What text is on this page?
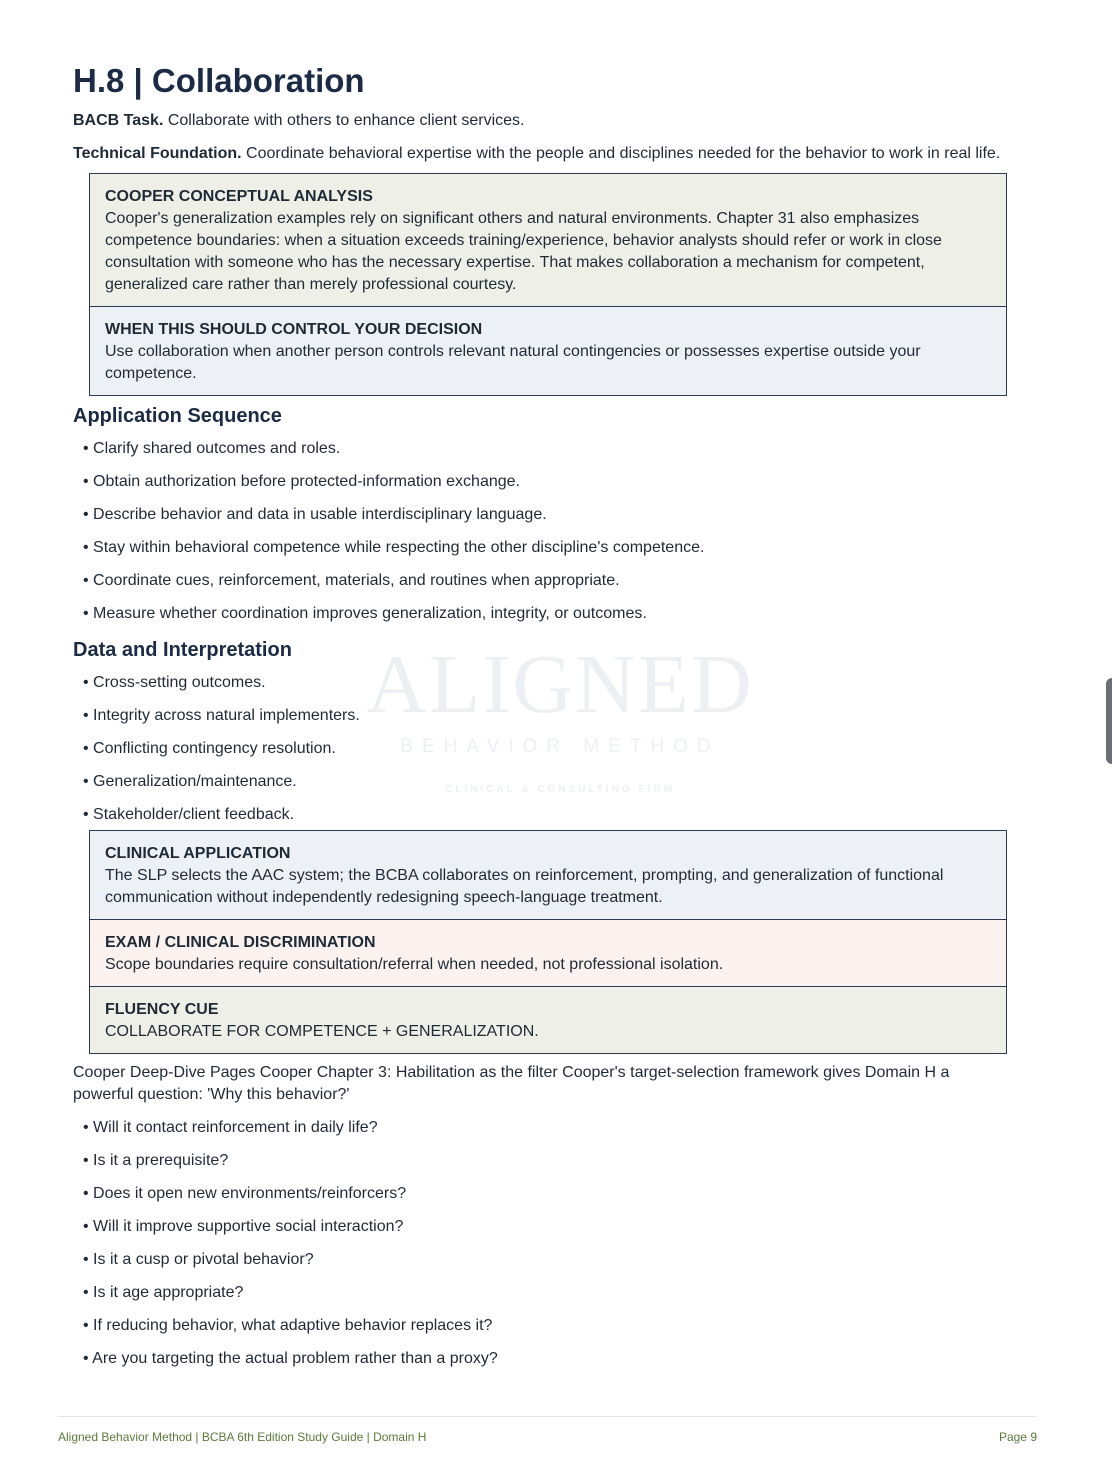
ALIGNED
BEHAVIOR METHOD
CLINICAL & CONSULTING FIRM
H.8 | Collaboration
BACB Task. Collaborate with others to enhance client services.
Technical Foundation. Coordinate behavioral expertise with the people and disciplines needed for the behavior to work in real life.
COOPER CONCEPTUAL ANALYSIS
Cooper's generalization examples rely on significant others and natural environments. Chapter 31 also emphasizes competence boundaries: when a situation exceeds training/experience, behavior analysts should refer or work in close consultation with someone who has the necessary expertise. That makes collaboration a mechanism for competent, generalized care rather than merely professional courtesy.
WHEN THIS SHOULD CONTROL YOUR DECISION
Use collaboration when another person controls relevant natural contingencies or possesses expertise outside your competence.
Application Sequence
• Clarify shared outcomes and roles.
• Obtain authorization before protected-information exchange.
• Describe behavior and data in usable interdisciplinary language.
• Stay within behavioral competence while respecting the other discipline's competence.
• Coordinate cues, reinforcement, materials, and routines when appropriate.
• Measure whether coordination improves generalization, integrity, or outcomes.
Data and Interpretation
• Cross-setting outcomes.
• Integrity across natural implementers.
• Conflicting contingency resolution.
• Generalization/maintenance.
• Stakeholder/client feedback.
CLINICAL APPLICATION
The SLP selects the AAC system; the BCBA collaborates on reinforcement, prompting, and generalization of functional communication without independently redesigning speech-language treatment.
EXAM / CLINICAL DISCRIMINATION
Scope boundaries require consultation/referral when needed, not professional isolation.
FLUENCY CUE
COLLABORATE FOR COMPETENCE + GENERALIZATION.
Cooper Deep-Dive Pages Cooper Chapter 3: Habilitation as the filter Cooper's target-selection framework gives Domain H a powerful question: 'Why this behavior?'
• Will it contact reinforcement in daily life?
• Is it a prerequisite?
• Does it open new environments/reinforcers?
• Will it improve supportive social interaction?
• Is it a cusp or pivotal behavior?
• Is it age appropriate?
• If reducing behavior, what adaptive behavior replaces it?
• Are you targeting the actual problem rather than a proxy?
Aligned Behavior Method | BCBA 6th Edition Study Guide | Domain H	Page 9
